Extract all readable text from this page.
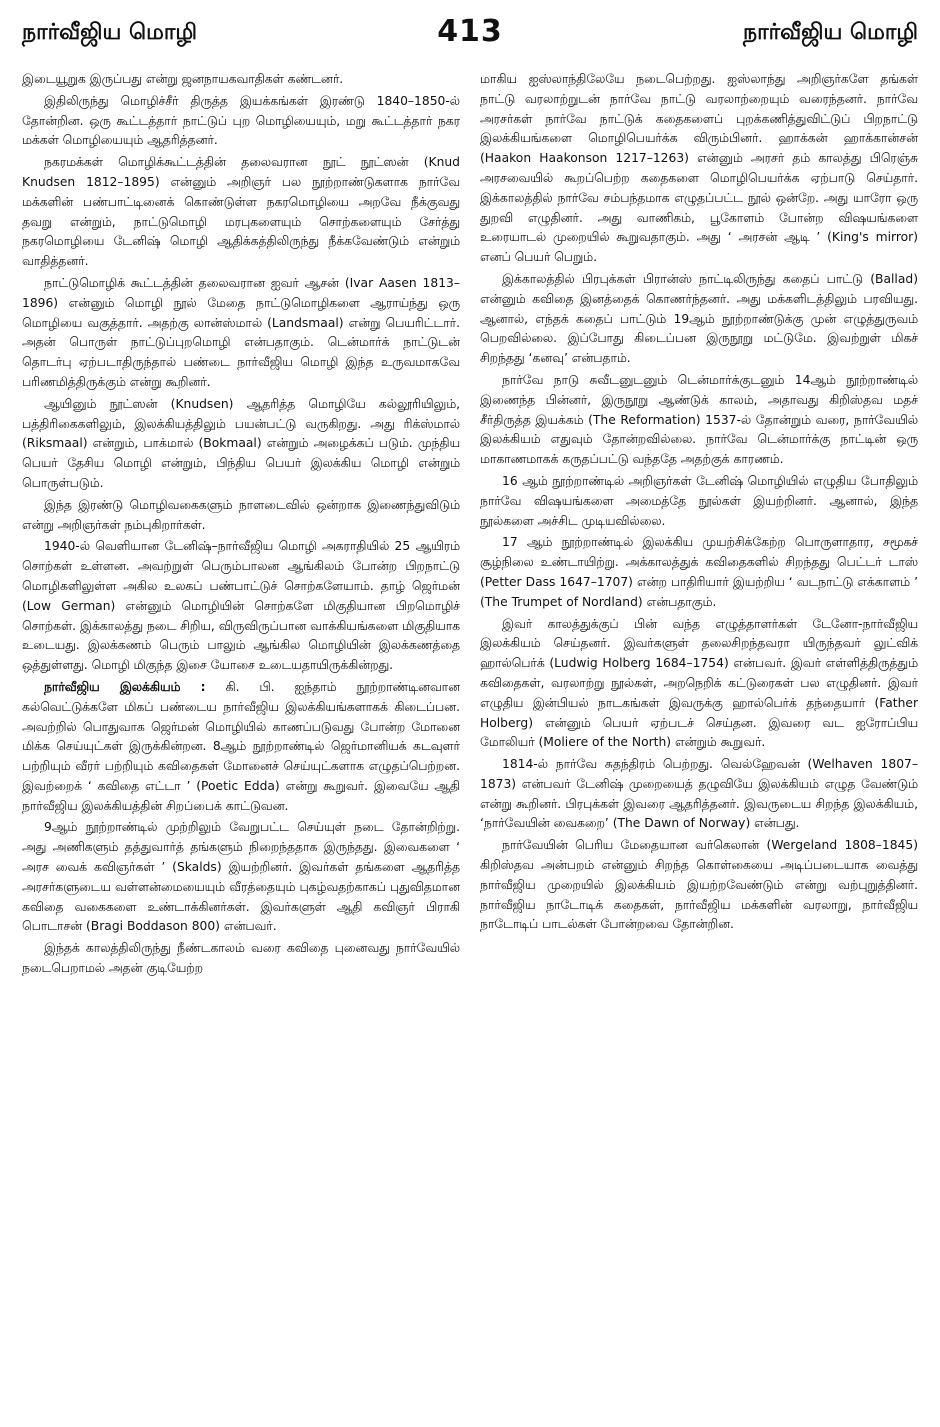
நார்வீஜிய மொழி	413	நார்வீஜிய மொழி

இடையூறுக இருப்பது என்று ஜனநாயகவாதிகள் கண்டனர்.

இதிலிருந்து மொழிச்சீர் திருத்த இயக்கங்கள் இரண்டு 1840–1850-ல் தோன்றின. ஒரு கூட்டத்தார் நாட்டுப் புற மொழியையும், மறு கூட்டத்தார் நகர மக்கள் மொழியையும் ஆதரித்தனர்.

நகரமக்கள் மொழிக்கூட்டத்தின் தலைவரான நூட் நூட்ஸன் (Knud Knudsen 1812–1895) என்னும் அறிஞர் பல நூற்றாண்டுகளாக நார்வே மக்களின் பண்பாட்டினைக் கொண்டுள்ள நகரமொழியை அறவே நீக்குவது தவறு என்றும், நாட்டுமொழி மரபுகளையும் சொற்களையும் சேர்த்து நகரமொழியை டேனிஷ் மொழி ஆதிக்கத்திலிருந்து நீக்கவேண்டும் என்றும் வாதித்தனர்.

நாட்டுமொழிக் கூட்டத்தின் தலைவரான ஐவர் ஆசன் (Ivar Aasen 1813–1896) என்னும் மொழி நூல் மேதை நாட்டுமொழிகளை ஆராய்ந்து ஒரு மொழியை வகுத்தார். அதற்கு லான்ஸ்மால் (Landsmaal) என்று பெயரிட்டார். அதன் பொருள் நாட்டுப்புறமொழி என்பதாகும். டென்மார்க் நாட்டுடன் தொடர்பு ஏற்படாதிருந்தால் பண்டை நார்வீஜிய மொழி இந்த உருவமாகவே பரிணமித்திருக்கும் என்று கூறினர்.

ஆயினும் நூட்ஸன் (Knudsen) ஆதரித்த மொழியே கல்லூரியிலும், பத்திரிகைகளிலும், இலக்கியத்திலும் பயன்பட்டு வருகிறது. அது ரிக்ஸ்மால் (Riksmaal) என்றும், பாக்மால் (Bokmaal) என்றும் அழைக்கப் படும். முந்திய பெயர் தேசிய மொழி என்றும், பிந்திய பெயர் இலக்கிய மொழி என்றும் பொருள்படும்.

இந்த இரண்டு மொழிவகைகளும் நாளடைவில் ஒன்றாக இணைந்துவிடும் என்று அறிஞர்கள் நம்புகிறார்கள்.

1940-ல் வெளியான டேனிஷ்–நார்வீஜிய மொழி அகராதியில் 25 ஆயிரம் சொற்கள் உள்ளன. அவற்றுள் பெரும்பாலன ஆங்கிலம் போன்ற பிறநாட்டு மொழிகளிலுள்ள அகில உலகப் பண்பாட்டுச் சொற்களேயாம். தாழ் ஜெர்மன் (Low German) என்னும் மொழியின் சொற்களே மிகுதியான பிறமொழிச் சொற்கள். இக்காலத்து நடை சிறிய, விருவிருப்பான வாக்கியங்களை மிகுதியாக உடையது. இலக்கணம் பெரும் பாலும் ஆங்கில மொழியின் இலக்கணத்தை ஒத்துள்ளது. மொழி மிகுந்த இசை யோசை உடையதாயிருக்கின்றது.

நார்வீஜிய இலக்கியம் : கி. பி. ஐந்தாம் நூற்றாண்டினவான கல்வெட்டுக்களே மிகப் பண்டைய நார்வீஜிய இலக்கியங்களாகக் கிடைப்பன. அவற்றில் பொதுவாக ஜெர்மன் மொழியில் காணப்படுவது போன்ற மோனை மிக்க செய்யுட்கள் இருக்கின்றன. 8ஆம் நூற்றாண்டில் ஜெர்மானியக் கடவுளர் பற்றியும் வீரர் பற்றியும் கவிதைகள் மோனைச் செய்யுட்களாக எழுதப்பெற்றன. இவற்றைக் ‘ கவிதை எட்டா ’ (Poetic Edda) என்று கூறுவர். இவையே ஆதி நார்வீஜிய இலக்கியத்தின் சிறப்பைக் காட்டுவன.

9ஆம் நூற்றாண்டில் முற்றிலும் வேறுபட்ட செய்யுள் நடை தோன்றிற்று. அது அணிகளும் தத்துவார்த் தங்களும் நிறைந்ததாக இருந்தது. இவைகளை ‘ அரச வைக் கவிஞர்கள் ’ (Skalds) இயற்றினர். இவர்கள் தங்களை ஆதரித்த அரசர்களுடைய வள்ளன்மையையும் வீரத்தையும் புகழ்வதற்காகப் புதுவிதமான கவிதை வகைகளை உண்டாக்கினர்கள். இவர்களுள் ஆதி கவிஞர் பிராகி பொடாசன் (Bragi Boddason 800) என்பவர்.

இந்தக் காலத்திலிருந்து நீண்டகாலம் வரை கவிதை புனைவது நார்வேயில் நடைபெறாமல் அதன் குடியேற்ற

மாகிய ஐஸ்லாந்திலேயே நடைபெற்றது. ஐஸ்லாந்து அறிஞர்களே தங்கள் நாட்டு வரலாற்றுடன் நார்வே நாட்டு வரலாற்றையும் வரைந்தனர். நார்வே அரசர்கள் நார்வே நாட்டுக் கதைகளைப் புறக்கணித்துவிட்டுப் பிறநாட்டு இலக்கியங்களை மொழிபெயர்க்க விரும்பினர். ஹாக்கன் ஹாக்கான்சன் (Haakon Haakonson 1217–1263) என்னும் அரசர் தம் காலத்து பிரெஞ்சு அரசவையில் கூறப்பெற்ற கதைகளை மொழிபெயர்க்க ஏற்பாடு செய்தார். இக்காலத்தில் நார்வே சம்பந்தமாக எழுதப்பட்ட நூல் ஒன்றே. அது யாரோ ஒரு துறவி எழுதினர். அது வாணிகம், பூகோளம் போன்ற விஷயங்களை உரையாடல் முறையில் கூறுவதாகும். அது ‘ அரசன் ஆடி ’ (King's mirror) எனப் பெயர் பெறும்.

இக்காலத்தில் பிரபுக்கள் பிரான்ஸ் நாட்டிலிருந்து கதைப் பாட்டு (Ballad) என்னும் கவிதை இனத்தைக் கொணர்ந்தனர். அது மக்களிடத்திலும் பரவியது. ஆனால், எந்தக் கதைப் பாட்டும் 19ஆம் நூற்றாண்டுக்கு முன் எழுத்துருவம் பெறவில்லை. இப்போது கிடைப்பன இருநூறு மட்டுமே. இவற்றுள் மிகச் சிறந்தது ‘கனவு’ என்பதாம்.

நார்வே நாடு சுவீடனுடனும் டென்மார்க்குடனும் 14ஆம் நூற்றாண்டில் இணைந்த பின்னர், இருநூறு ஆண்டுக் காலம், அதாவது கிறிஸ்தவ மதச் சீர்திருத்த இயக்கம் (The Reformation) 1537-ல் தோன்றும் வரை, நார்வேயில் இலக்கியம் எதுவும் தோன்றவில்லை. நார்வே டென்மார்க்கு நாட்டின் ஒரு மாகாணமாகக் கருதப்பட்டு வந்ததே அதற்குக் காரணம்.

16 ஆம் நூற்றாண்டில் அறிஞர்கள் டேனிஷ் மொழியில் எழுதிய போதிலும் நார்வே விஷயங்களை அமைத்தே நூல்கள் இயற்றினர். ஆனால், இந்த நூல்களை அச்சிட முடியவில்லை.

17 ஆம் நூற்றாண்டில் இலக்கிய முயற்சிக்கேற்ற பொருளாதார, சமூகச் சூழ்நிலை உண்டாயிற்று. அக்காலத்துக் கவிதைகளில் சிறந்தது பெட்டர் டாஸ் (Petter Dass 1647–1707) என்ற பாதிரியார் இயற்றிய ‘ வடநாட்டு எக்காளம் ’ (The Trumpet of Nordland) என்பதாகும்.

இவர் காலத்துக்குப் பின் வந்த எழுத்தாளர்கள் டேனோ-நார்வீஜிய இலக்கியம் செய்தனர். இவர்களுள் தலைசிறந்தவரா யிருந்தவர் லுட்விக் ஹால்பெர்க் (Ludwig Holberg 1684–1754) என்பவர். இவர் எள்ளித்திருத்தும் கவிதைகள், வரலாற்று நூல்கள், அறநெறிக் கட்டுரைகள் பல எழுதினர். இவர் எழுதிய இன்பியல் நாடகங்கள் இவருக்கு ஹால்பெர்க் தந்தையார் (Father Holberg) என்னும் பெயர் ஏற்படச் செய்தன. இவரை வட ஐரோப்பிய மோலியர் (Moliere of the North) என்றும் கூறுவர்.

1814-ல் நார்வே சுதந்திரம் பெற்றது. வெல்ஹேவன் (Welhaven 1807–1873) என்பவர் டேனிஷ் முறையைத் தழுவியே இலக்கியம் எழுத வேண்டும் என்று கூறினர். பிரபுக்கள் இவரை ஆதரித்தனர். இவருடைய சிறந்த இலக்கியம், ‘நார்வேயின் வைகறை’ (The Dawn of Norway) என்பது.

நார்வேயின் பெரிய மேதையான வர்கெலான் (Wergeland 1808–1845) கிறிஸ்தவ அன்பறம் என்னும் சிறந்த கொள்கையை அடிப்படையாக வைத்து நார்வீஜிய முறையில் இலக்கியம் இயற்றவேண்டும் என்று வற்புறுத்தினர். நார்வீஜிய நாடோடிக் கதைகள், நார்வீஜிய மக்களின் வரலாறு, நார்வீஜிய நாடோடிப் பாடல்கள் போன்றவை தோன்றின.
